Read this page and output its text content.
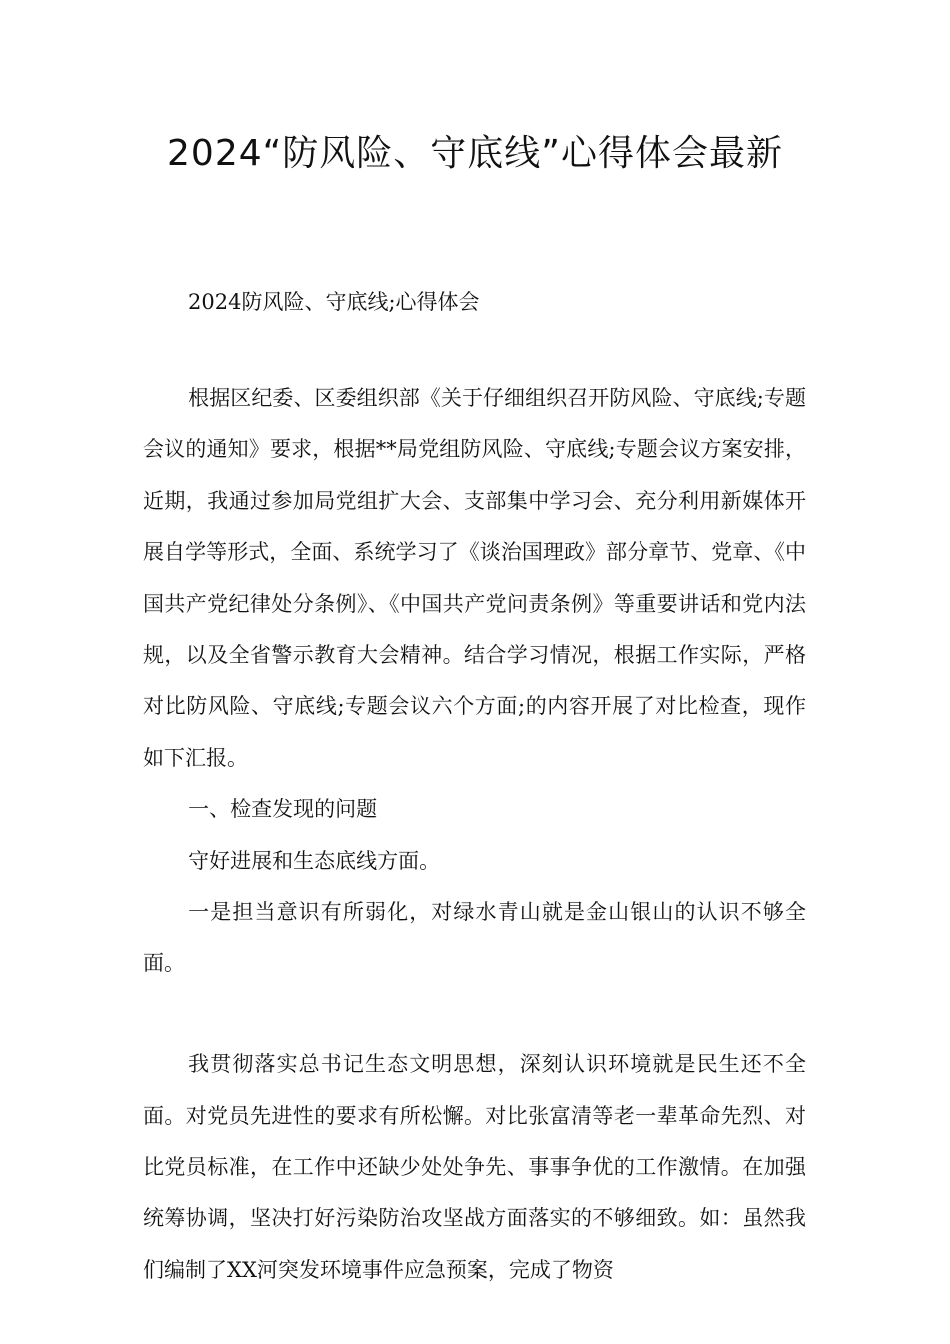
2024“防风险、守底线”心得体会最新
2024防风险、守底线;心得体会

根据区纪委、区委组织部《关于仔细组织召开防风险、守底线;专题会议的通知》要求，根据**局党组防风险、守底线;专题会议方案安排，近期，我通过参加局党组扩大会、支部集中学习会、充分利用新媒体开展自学等形式，全面、系统学习了《谈治国理政》部分章节、党章、《中国共产党纪律处分条例》、《中国共产党问责条例》等重要讲话和党内法规，以及全省警示教育大会精神。结合学习情况，根据工作实际，严格对比防风险、守底线;专题会议六个方面;的内容开展了对比检查，现作如下汇报。

一、检查发现的问题

守好进展和生态底线方面。

一是担当意识有所弱化，对绿水青山就是金山银山的认识不够全面。

我贯彻落实总书记生态文明思想，深刻认识环境就是民生还不全面。对党员先进性的要求有所松懈。对比张富清等老一辈革命先烈、对比党员标准，在工作中还缺少处处争先、事事争优的工作激情。在加强统筹协调，坚决打好污染防治攻坚战方面落实的不够细致。如：虽然我们编制了XX河突发环境事件应急预案，完成了物资
